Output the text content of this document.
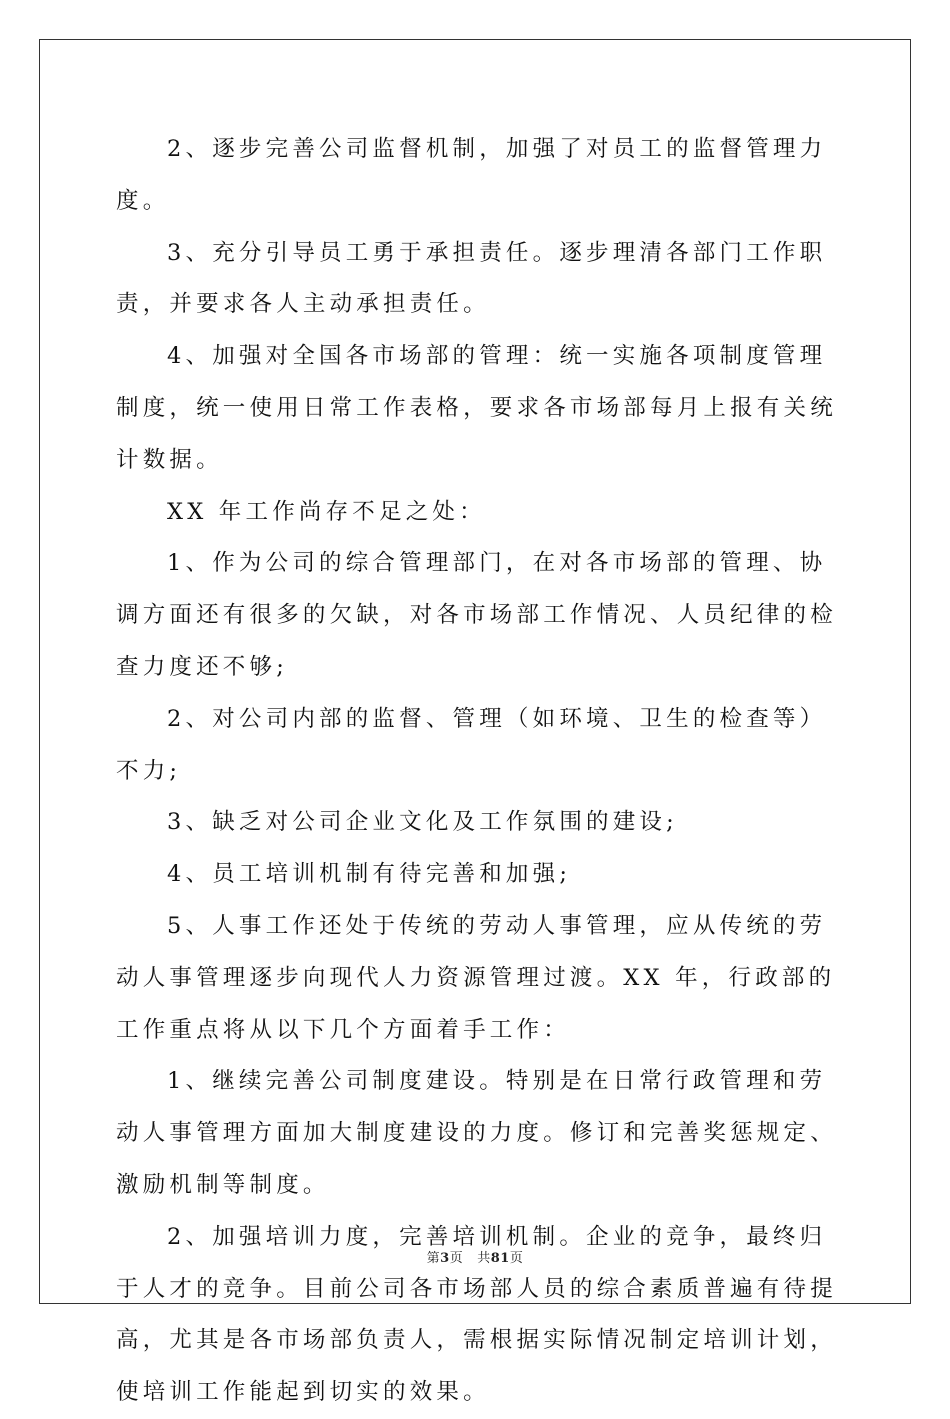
2、逐步完善公司监督机制，加强了对员工的监督管理力度。

3、充分引导员工勇于承担责任。逐步理清各部门工作职责，并要求各人主动承担责任。

4、加强对全国各市场部的管理：统一实施各项制度管理制度，统一使用日常工作表格，要求各市场部每月上报有关统计数据。

XX 年工作尚存不足之处：

1、作为公司的综合管理部门，在对各市场部的管理、协调方面还有很多的欠缺，对各市场部工作情况、人员纪律的检查力度还不够;

2、对公司内部的监督、管理（如环境、卫生的检查等）不力;

3、缺乏对公司企业文化及工作氛围的建设;

4、员工培训机制有待完善和加强;

5、人事工作还处于传统的劳动人事管理，应从传统的劳动人事管理逐步向现代人力资源管理过渡。XX 年，行政部的工作重点将从以下几个方面着手工作：

1、继续完善公司制度建设。特别是在日常行政管理和劳动人事管理方面加大制度建设的力度。修订和完善奖惩规定、激励机制等制度。

2、加强培训力度，完善培训机制。企业的竞争，最终归于人才的竞争。目前公司各市场部人员的综合素质普遍有待提高，尤其是各市场部负责人，需根据实际情况制定培训计划，使培训工作能起到切实的效果。

第3页 共81页
